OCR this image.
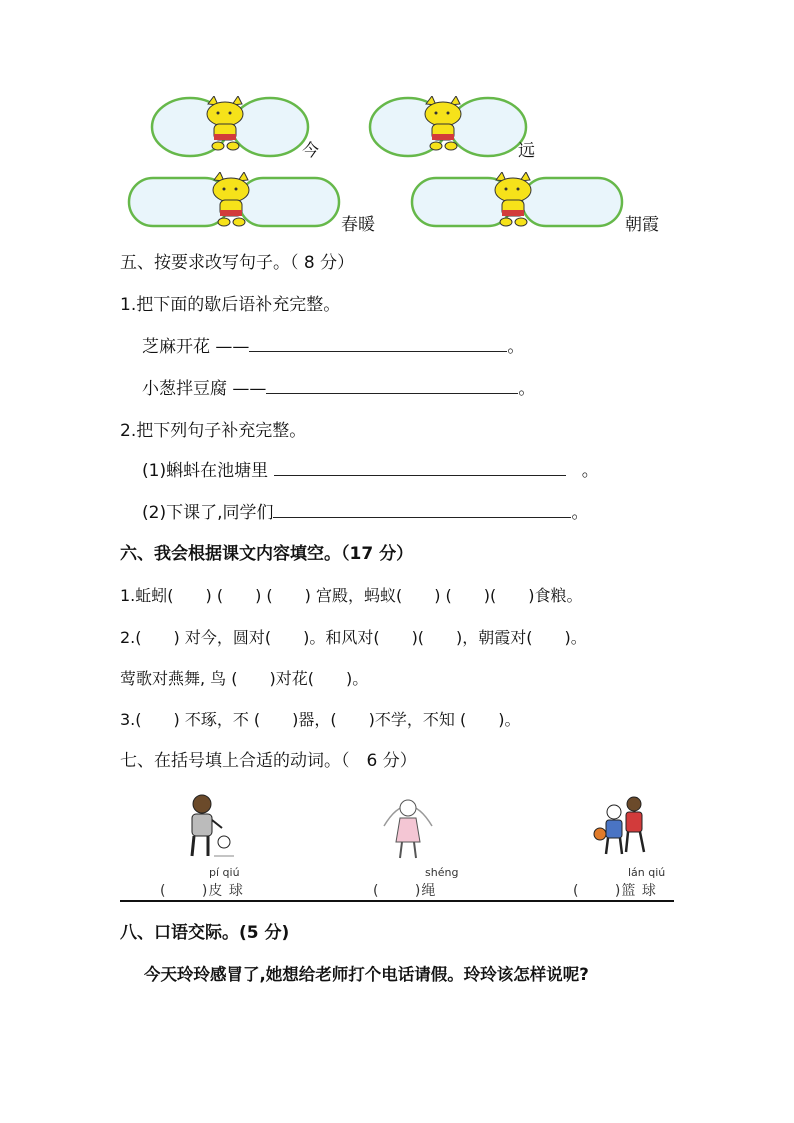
今	远
春暖	朝霞
五、按要求改写句子。（ 8 分）
1.把下面的歇后语补充完整。
芝麻开花 ——	。
小葱拌豆腐 ——	。
2.把下列句子补充完整。
(1)蝌蚪在池塘里	。
(2)下课了,同学们	。
六、我会根据课文内容填空。（17 分）
1.蚯蚓(　　) (　　) (　　) 宫殿，蚂蚁(　　) (　　)(　　)食粮。
2.(　　) 对今，圆对(　　)。和风对(　　)(　　)，朝霞对(　　)。
莺歌对燕舞, 鸟 (　　)对花(　　)。
3.(　　) 不琢，不 (　　)器，(　　)不学，不知 (　　)。
七、在括号填上合适的动词。（　6 分）
pí qiú
(　　 )皮 球
shéng
(　　 )绳
lán qiú
(　　 )篮 球
八、口语交际。(5 分)
今天玲玲感冒了,她想给老师打个电话请假。玲玲该怎样说呢?
